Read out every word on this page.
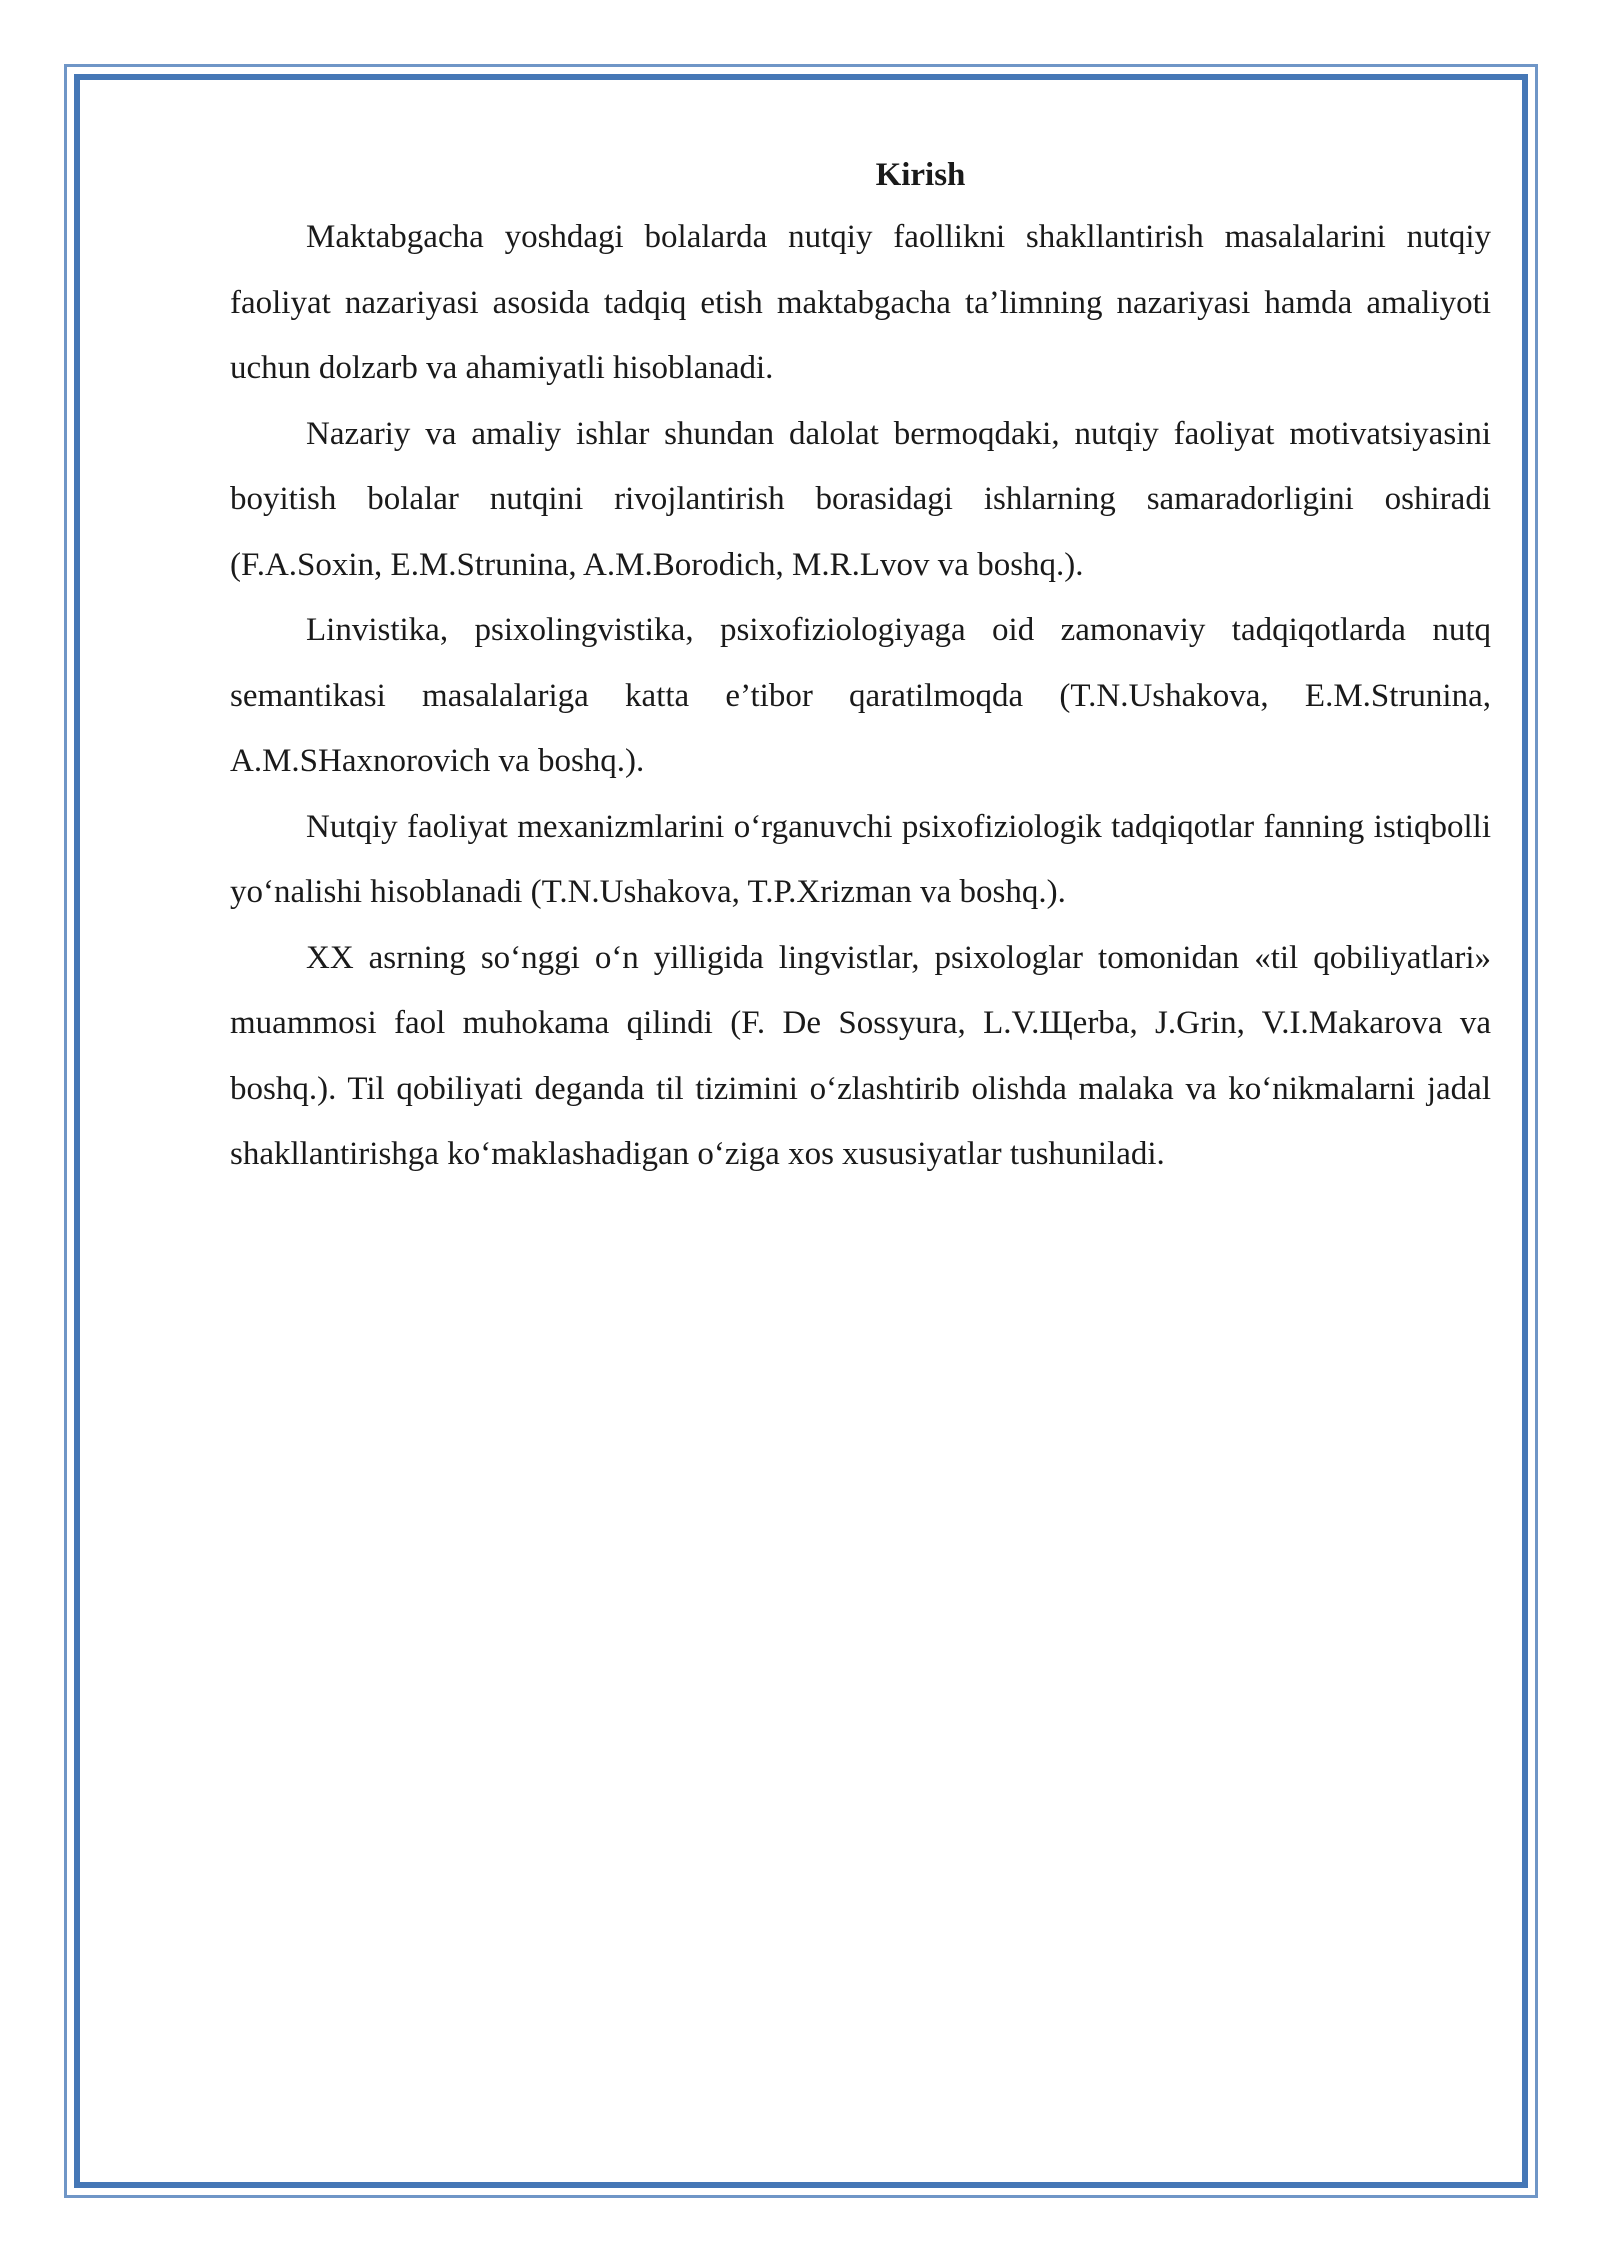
Kirish

Maktabgacha yoshdagi bolalarda nutqiy faollikni shakllantirish masalalarini nutqiy faoliyat nazariyasi asosida tadqiq etish maktabgacha ta’limning nazariyasi hamda amaliyoti uchun dolzarb va ahamiyatli hisoblanadi.

Nazariy va amaliy ishlar shundan dalolat bermoqdaki, nutqiy faoliyat motivatsiyasini boyitish bolalar nutqini rivojlantirish borasidagi ishlarning samaradorligini oshiradi (F.A.Soxin, E.M.Strunina, A.M.Borodich, M.R.Lvov va boshq.).

Linvistika, psixolingvistika, psixofiziologiyaga oid zamonaviy tadqiqotlarda nutq semantikasi masalalariga katta e’tibor qaratilmoqda (T.N.Ushakova, E.M.Strunina, A.M.SHaxnorovich va boshq.).

Nutqiy faoliyat mexanizmlarini o‘rganuvchi psixofiziologik tadqiqotlar fanning istiqbolli yo‘nalishi hisoblanadi (T.N.Ushakova, T.P.Xrizman va boshq.).

XX asrning so‘nggi o‘n yilligida lingvistlar, psixologlar tomonidan «til qobiliyatlari» muammosi faol muhokama qilindi (F. De Sossyura, L.V.Щerba, J.Grin, V.I.Makarova va boshq.). Til qobiliyati deganda til tizimini o‘zlashtirib olishda malaka va ko‘nikmalarni jadal shakllantirishga ko‘maklashadigan o‘ziga xos xususiyatlar tushuniladi.
